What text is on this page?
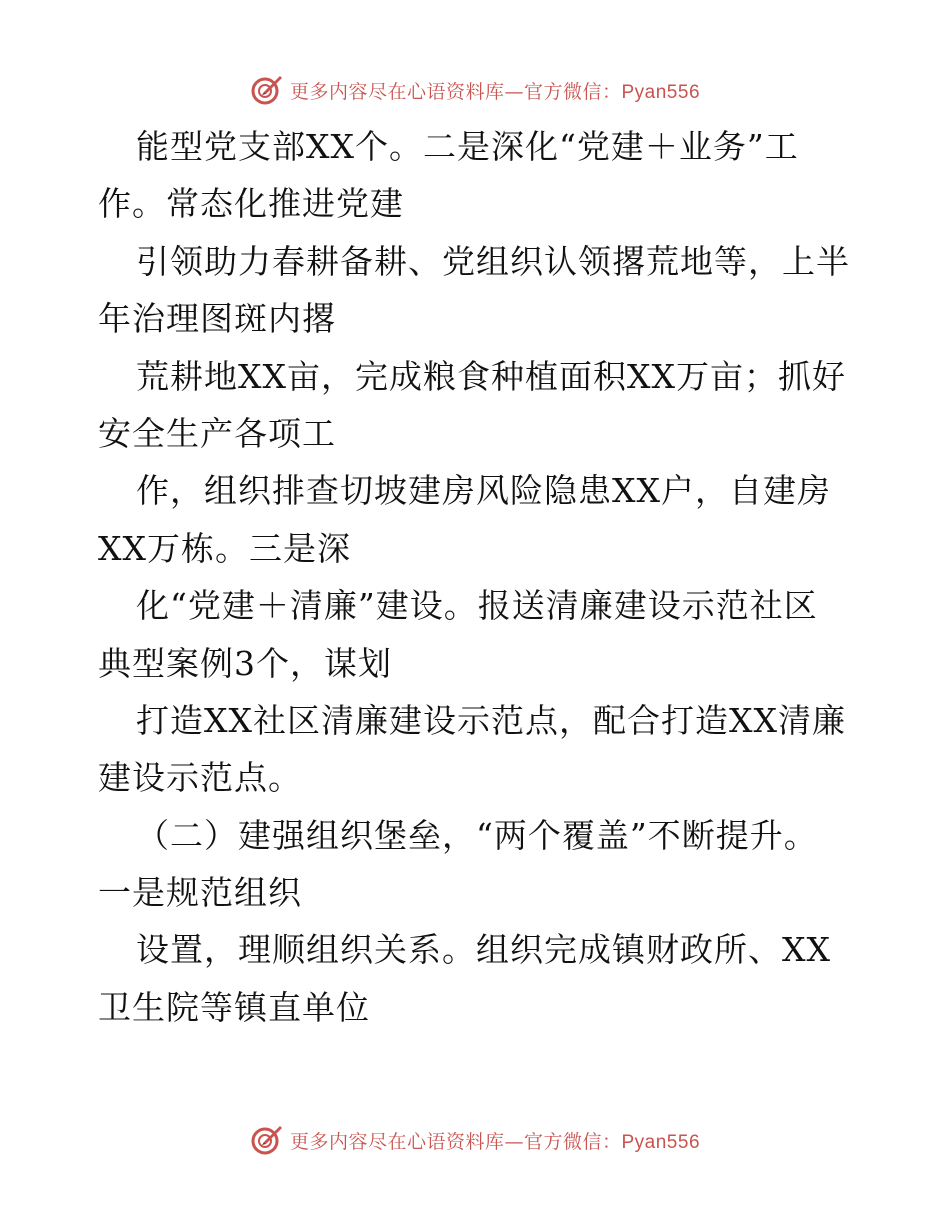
更多内容尽在心语资料库—官方微信：Pyan556
能型党支部XX个。二是深化“党建＋业务”工
作。常态化推进党建
引领助力春耕备耕、党组织认领撂荒地等，上半
年治理图斑内撂
荒耕地XX亩，完成粮食种植面积XX万亩；抓好
安全生产各项工
作，组织排查切坡建房风险隐患XX户，自建房
XX万栋。三是深
化“党建＋清廉”建设。报送清廉建设示范社区
典型案例3个，谋划
打造XX社区清廉建设示范点，配合打造XX清廉
建设示范点。
（二）建强组织堡垒，“两个覆盖”不断提升。
一是规范组织
设置，理顺组织关系。组织完成镇财政所、XX
卫生院等镇直单位
更多内容尽在心语资料库—官方微信：Pyan556
